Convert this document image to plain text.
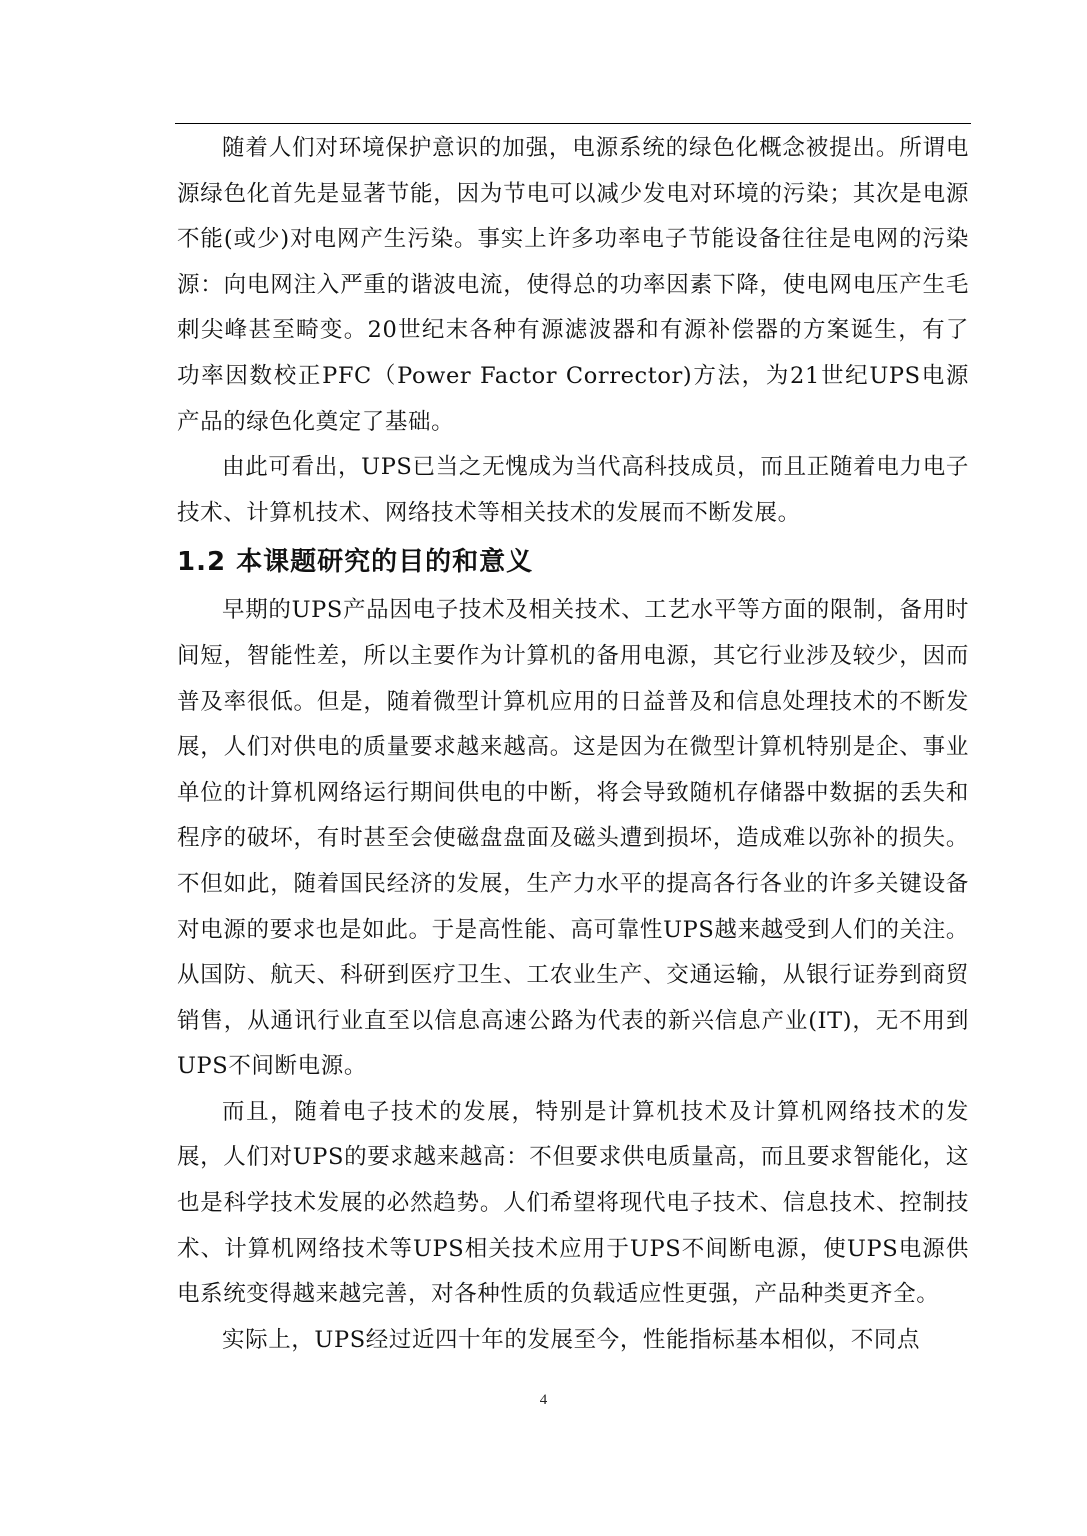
随着人们对环境保护意识的加强，电源系统的绿色化概念被提出。所谓电源绿色化首先是显著节能，因为节电可以减少发电对环境的污染；其次是电源不能(或少)对电网产生污染。事实上许多功率电子节能设备往往是电网的污染源：向电网注入严重的谐波电流，使得总的功率因素下降，使电网电压产生毛刺尖峰甚至畸变。20世纪末各种有源滤波器和有源补偿器的方案诞生，有了功率因数校正PFC（Power Factor Corrector)方法，为21世纪UPS电源产品的绿色化奠定了基础。

由此可看出，UPS已当之无愧成为当代高科技成员，而且正随着电力电子技术、计算机技术、网络技术等相关技术的发展而不断发展。

1.2 本课题研究的目的和意义

早期的UPS产品因电子技术及相关技术、工艺水平等方面的限制，备用时间短，智能性差，所以主要作为计算机的备用电源，其它行业涉及较少，因而普及率很低。但是，随着微型计算机应用的日益普及和信息处理技术的不断发展，人们对供电的质量要求越来越高。这是因为在微型计算机特别是企、事业单位的计算机网络运行期间供电的中断，将会导致随机存储器中数据的丢失和程序的破坏，有时甚至会使磁盘盘面及磁头遭到损坏，造成难以弥补的损失。不但如此，随着国民经济的发展，生产力水平的提高各行各业的许多关键设备对电源的要求也是如此。于是高性能、高可靠性UPS越来越受到人们的关注。从国防、航天、科研到医疗卫生、工农业生产、交通运输，从银行证券到商贸销售，从通讯行业直至以信息高速公路为代表的新兴信息产业(IT)，无不用到UPS不间断电源。

而且，随着电子技术的发展，特别是计算机技术及计算机网络技术的发展，人们对UPS的要求越来越高：不但要求供电质量高，而且要求智能化，这也是科学技术发展的必然趋势。人们希望将现代电子技术、信息技术、控制技术、计算机网络技术等UPS相关技术应用于UPS不间断电源，使UPS电源供电系统变得越来越完善，对各种性质的负载适应性更强，产品种类更齐全。

实际上，UPS经过近四十年的发展至今，性能指标基本相似，不同点

4
